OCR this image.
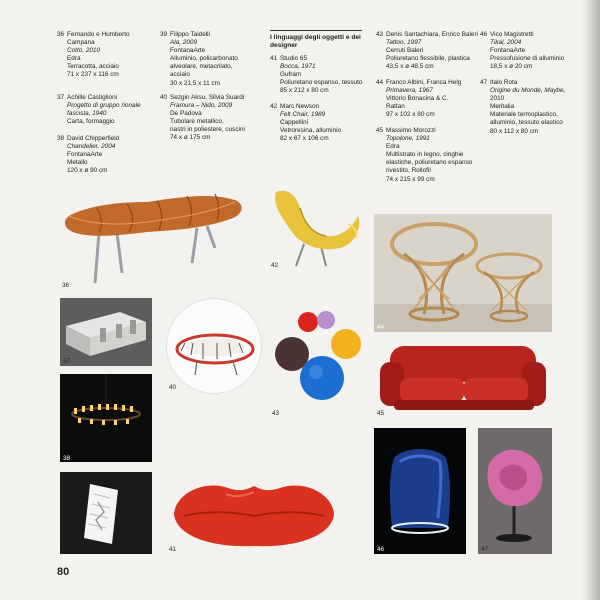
36 Fernando e Humberto
Campana
Cotto, 2010
Edra
Terracotta, acciaio
71 x 237 x 116 cm
37 Achille Castiglioni
Progetto di gruppo rionale
fascista, 1940
Carta, formaggio
38 David Chipperfield
Chandelier, 2004
FontanaArte
Metallo
120 x ø 90 cm
39 Filippo Taidelli
Ala, 2009
FontanaArte
Alluminio, policarbonato
alveolare, metacrilato,
acciaio
30 x 21,5 x 11 cm
40 Sezgin Aksu, Silvia Suardi
Framura – Nido, 2009
De Padova
Tubolare metallico,
nastri in poliestere, cuscini
74 x ø 175 cm
I linguaggi degli oggetti e dei designer
41 Studio 65
Bocca, 1971
Gufram
Poliuretano espanso, tessuto
85 x 212 x 80 cm
42 Marc Newson
Felt Chair, 1989
Cappellini
Vetroresina, alluminio
82 x 67 x 106 cm
43 Denis Santachiara, Enrico Baleri
Tattoo, 1997
Cerruti Baleri
Poliuretano flessibile, plastica
43,5 x ø 48,5 cm
44 Franco Albini, Franca Helg
Primavera, 1967
Vittorio Bonacina & C.
Rattan
97 x 102 x 80 cm
45 Massimo Morozzi
Topolone, 1991
Edra
Multistrato in legno, cinghie
elastiche, poliuretano espanso
rivestito, Rollofil
74 x 215 x 99 cm
46 Vico Magistretti
Tikal, 2004
FontanaArte
Pressofusione di alluminio
18,5 x ø 20 cm
47 Italo Rota
Origine du Monde, Maybe,
2010
Meritalia
Materiale termoplastico,
alluminio, tessuto elastico
80 x 112 x 80 cm
36
42
44
37
40
43	45
38
46	47
39	41
80
